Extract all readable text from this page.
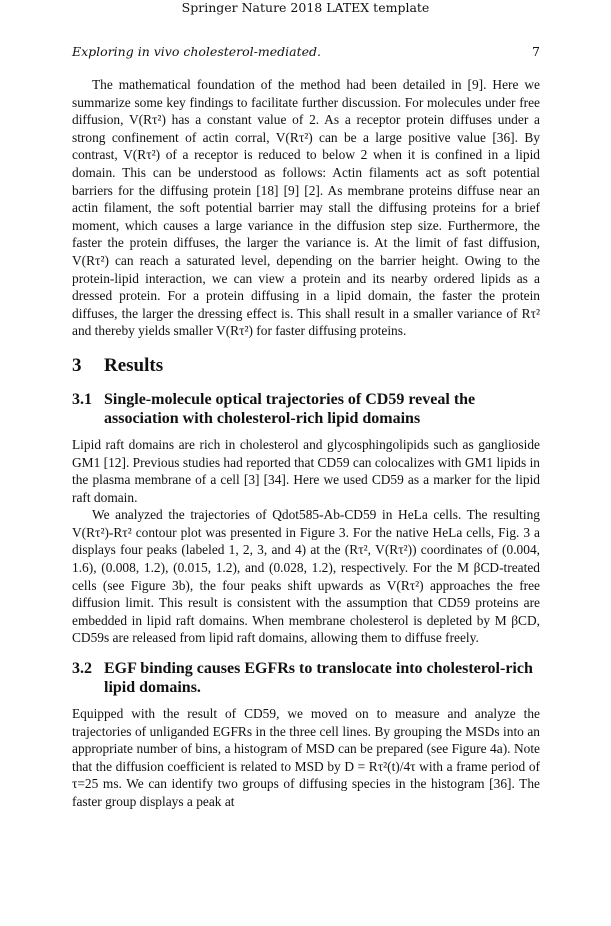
Springer Nature 2018 LATEX template
Exploring in vivo cholesterol-mediated.	7

The mathematical foundation of the method had been detailed in [9]. Here we summarize some key findings to facilitate further discussion. For molecules under free diffusion, V(Rτ²) has a constant value of 2. As a receptor protein diffuses under a strong confinement of actin corral, V(Rτ²) can be a large positive value [36]. By contrast, V(Rτ²) of a receptor is reduced to below 2 when it is confined in a lipid domain. This can be understood as follows: Actin filaments act as soft potential barriers for the diffusing protein [18] [9] [2]. As membrane proteins diffuse near an actin filament, the soft potential barrier may stall the diffusing proteins for a brief moment, which causes a large variance in the diffusion step size. Furthermore, the faster the protein diffuses, the larger the variance is. At the limit of fast diffusion, V(Rτ²) can reach a saturated level, depending on the barrier height. Owing to the protein-lipid interaction, we can view a protein and its nearby ordered lipids as a dressed protein. For a protein diffusing in a lipid domain, the faster the protein diffuses, the larger the dressing effect is. This shall result in a smaller variance of Rτ² and thereby yields smaller V(Rτ²) for faster diffusing proteins.

3 Results
3.1 Single-molecule optical trajectories of CD59 reveal the association with cholesterol-rich lipid domains

Lipid raft domains are rich in cholesterol and glycosphingolipids such as ganglioside GM1 [12]. Previous studies had reported that CD59 can colocalizes with GM1 lipids in the plasma membrane of a cell [3] [34]. Here we used CD59 as a marker for the lipid raft domain.

We analyzed the trajectories of Qdot585-Ab-CD59 in HeLa cells. The resulting V(Rτ²)-Rτ² contour plot was presented in Figure 3. For the native HeLa cells, Fig. 3 a displays four peaks (labeled 1, 2, 3, and 4) at the (Rτ², V(Rτ²)) coordinates of (0.004, 1.6), (0.008, 1.2), (0.015, 1.2), and (0.028, 1.2), respectively. For the M βCD-treated cells (see Figure 3b), the four peaks shift upwards as V(Rτ²) approaches the free diffusion limit. This result is consistent with the assumption that CD59 proteins are embedded in lipid raft domains. When membrane cholesterol is depleted by M βCD, CD59s are released from lipid raft domains, allowing them to diffuse freely.

3.2 EGF binding causes EGFRs to translocate into cholesterol-rich lipid domains.

Equipped with the result of CD59, we moved on to measure and analyze the trajectories of unliganded EGFRs in the three cell lines. By grouping the MSDs into an appropriate number of bins, a histogram of MSD can be prepared (see Figure 4a). Note that the diffusion coefficient is related to MSD by D = Rτ²(t)/4τ with a frame period of τ=25 ms. We can identify two groups of diffusing species in the histogram [36]. The faster group displays a peak at
